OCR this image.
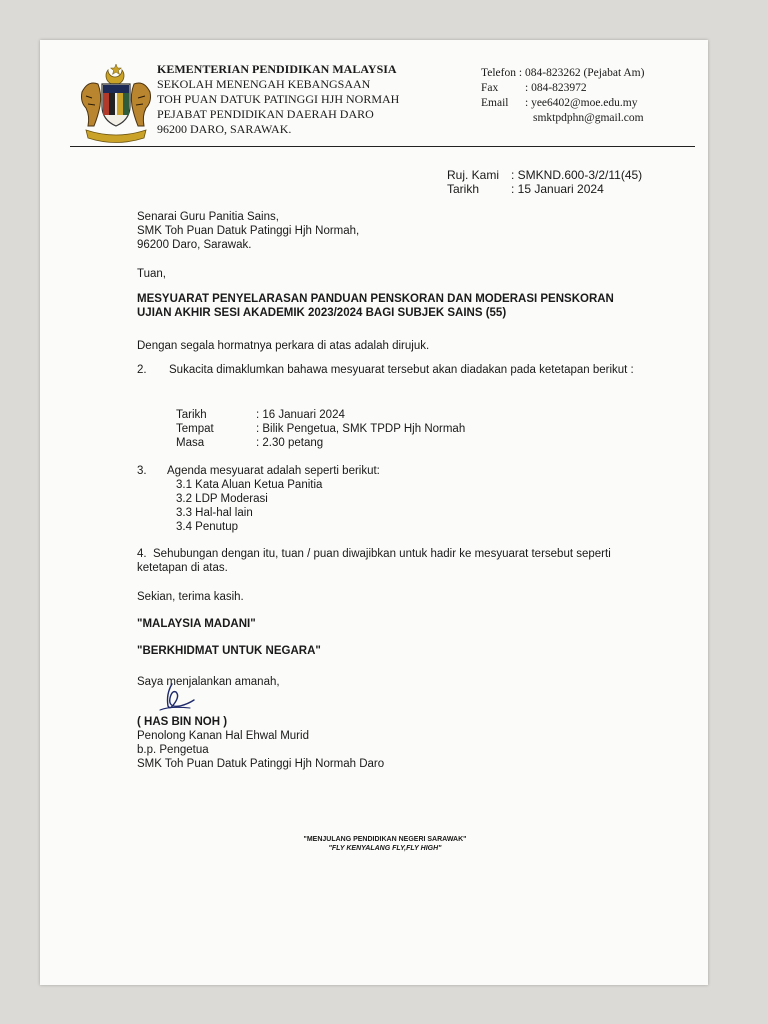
KEMENTERIAN PENDIDIKAN MALAYSIA
SEKOLAH MENENGAH KEBANGSAAN
TOH PUAN DATUK PATINGGI HJH NORMAH
PEJABAT PENDIDIKAN DAERAH DARO
96200 DARO, SARAWAK.
Telefon : 084-823262 (Pejabat Am)
Fax	: 084-823972
Email	: yee6402@moe.edu.my
smktpdphn@gmail.com
Ruj. Kami : SMKND.600-3/2/11(45)
Tarikh	: 15 Januari 2024
Senarai Guru Panitia Sains,
SMK Toh Puan Datuk Patinggi Hjh Normah,
96200 Daro, Sarawak.
Tuan,
MESYUARAT PENYELARASAN PANDUAN PENSKORAN DAN MODERASI PENSKORAN UJIAN AKHIR SESI AKADEMIK 2023/2024 BAGI SUBJEK SAINS (55)
Dengan segala hormatnya perkara di atas adalah dirujuk.
2. Sukacita dimaklumkan bahawa mesyuarat tersebut akan diadakan pada ketetapan berikut :
Tarikh	: 16 Januari 2024
Tempat	: Bilik Pengetua, SMK TPDP Hjh Normah
Masa	: 2.30 petang
3. Agenda mesyuarat adalah seperti berikut:
3.1 Kata Aluan Ketua Panitia
3.2 LDP Moderasi
3.3 Hal-hal lain
3.4 Penutup
4. Sehubungan dengan itu, tuan / puan diwajibkan untuk hadir ke mesyuarat tersebut seperti ketetapan di atas.
Sekian, terima kasih.
"MALAYSIA MADANI"
"BERKHIDMAT UNTUK NEGARA"
Saya menjalankan amanah,
( HAS BIN NOH )
Penolong Kanan Hal Ehwal Murid
b.p. Pengetua
SMK Toh Puan Datuk Patinggi Hjh Normah Daro
"MENJULANG PENDIDIKAN NEGERI SARAWAK"
"FLY KENYALANG FLY,FLY HIGH"
